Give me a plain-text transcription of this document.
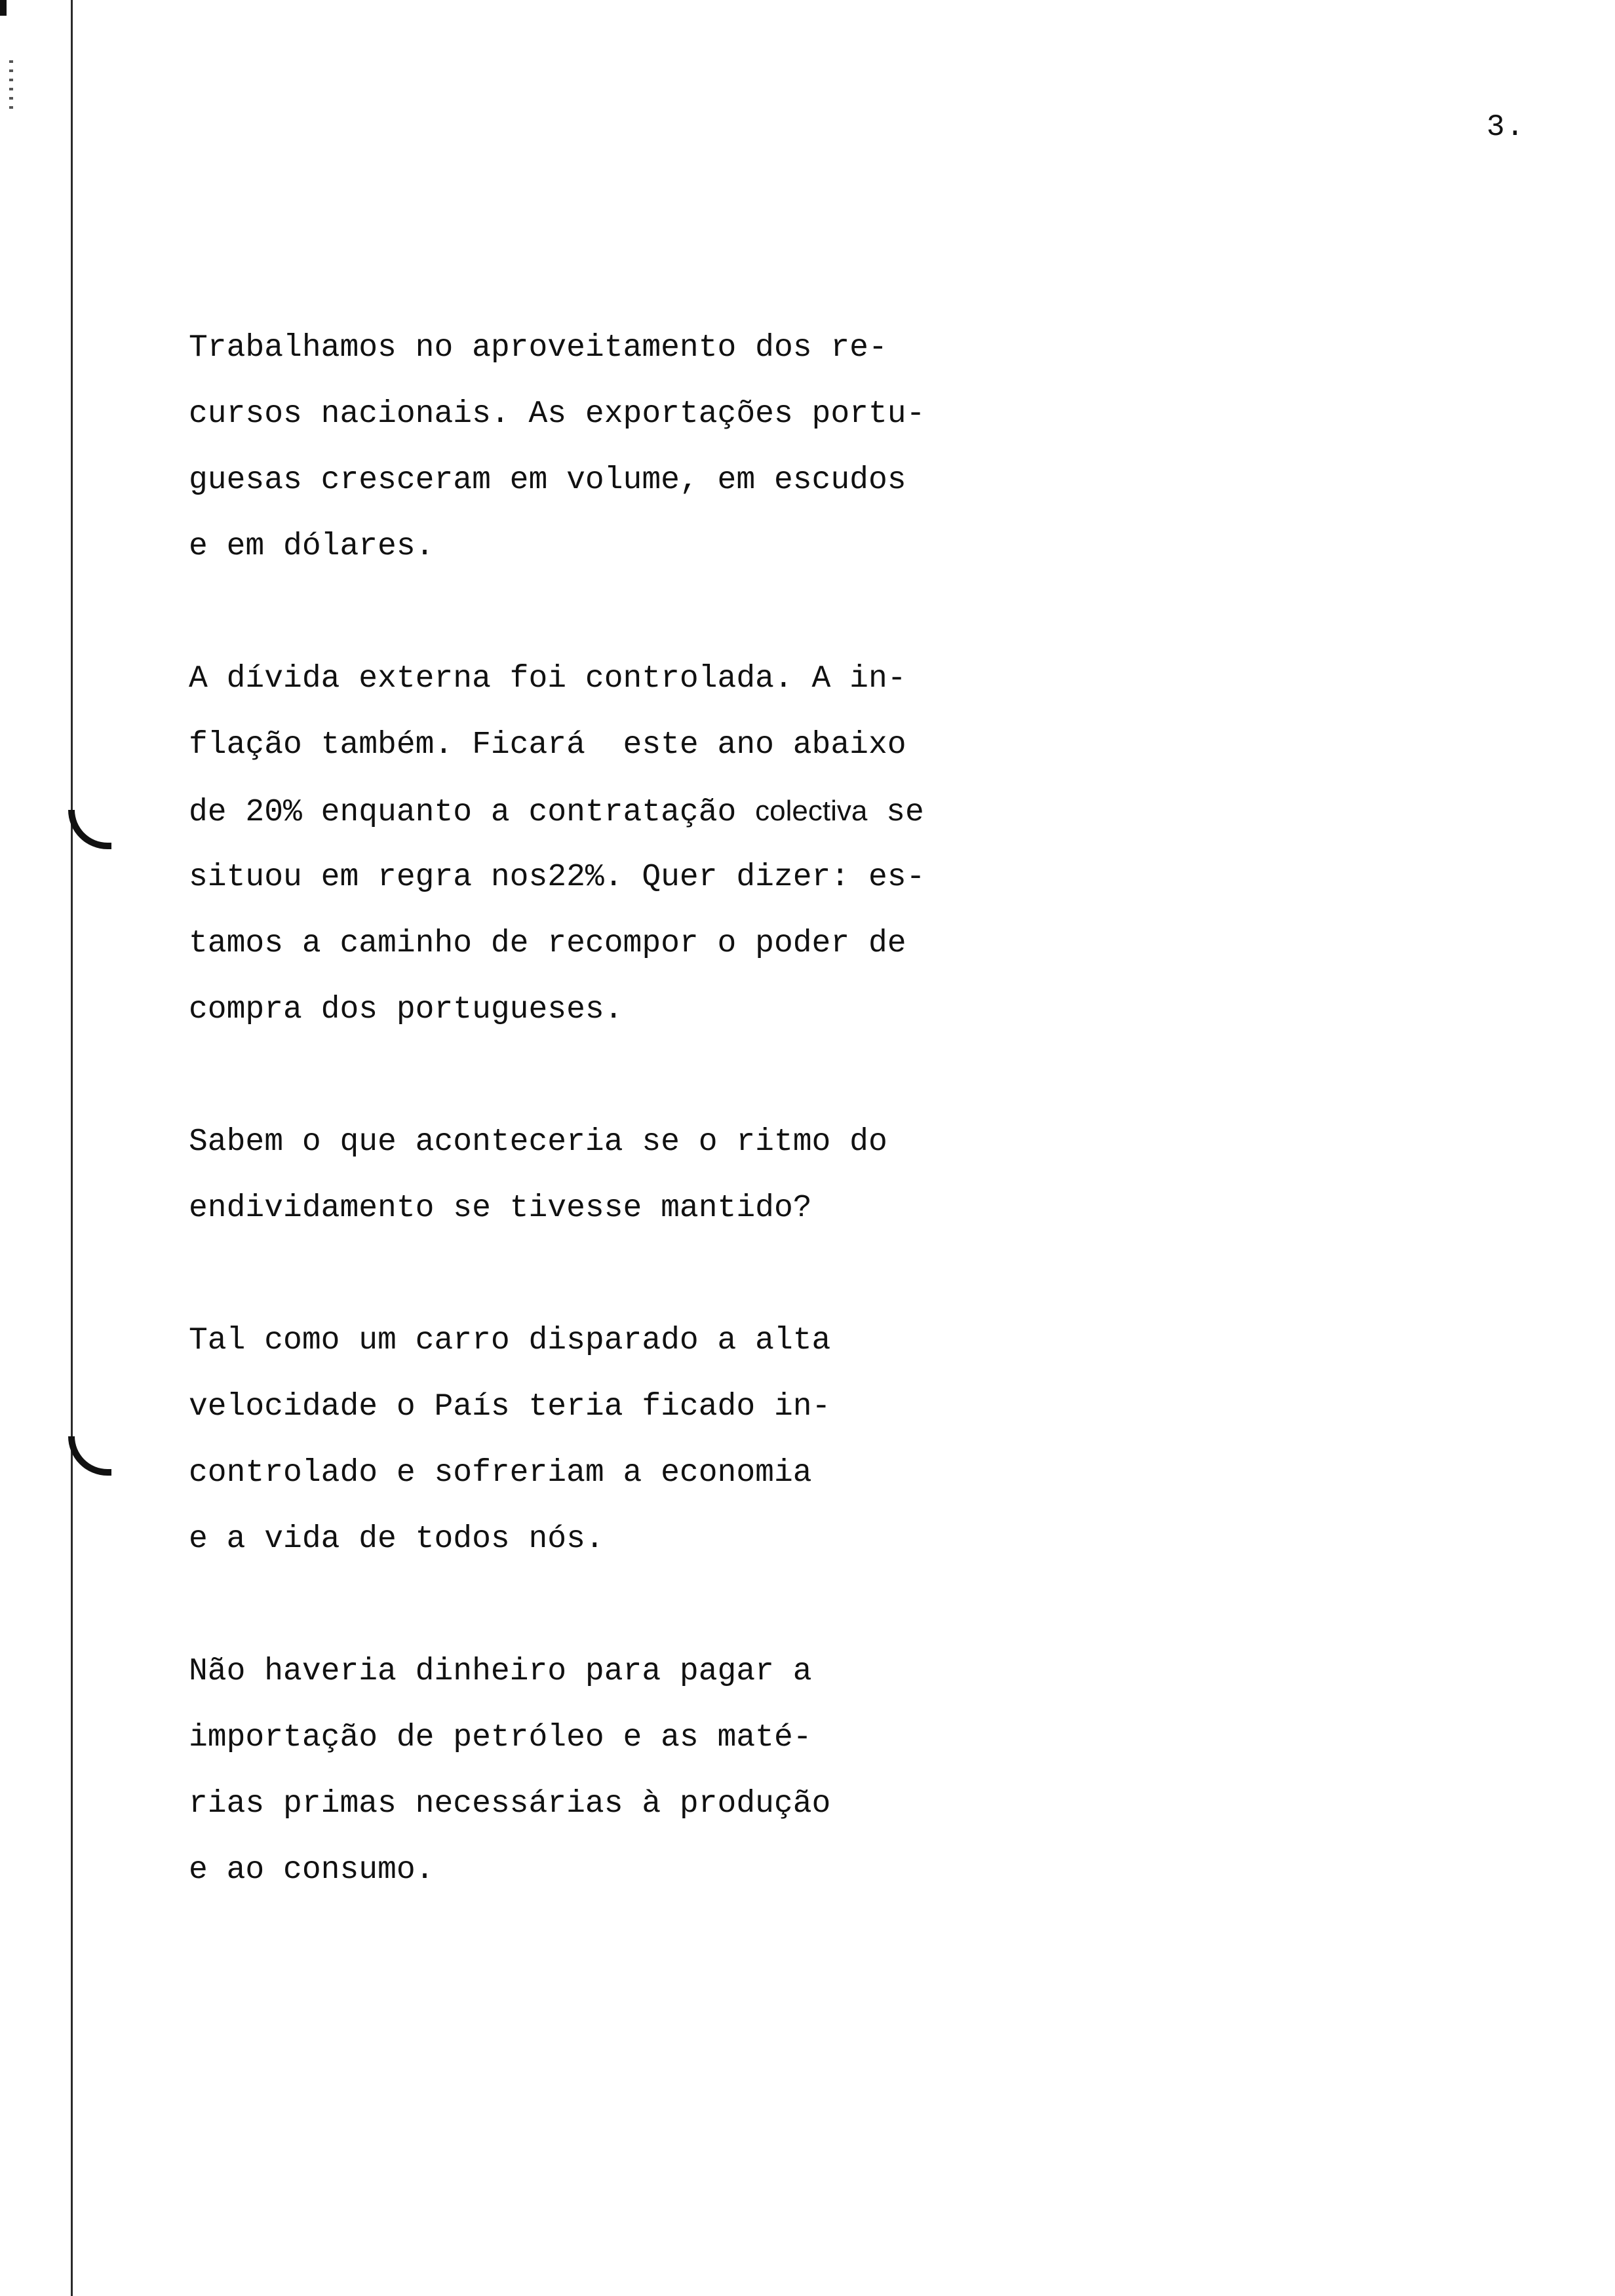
3.
Trabalhamos no aproveitamento dos re-
cursos nacionais. As exportações portu-
guesas cresceram em volume, em escudos
e em dólares.
A dívida externa foi controlada. A in-
flação também. Ficará  este ano abaixo
de 20% enquanto a contratação colectiva se
situou em regra nos22%. Quer dizer: es-
tamos a caminho de recompor o poder de
compra dos portugueses.
Sabem o que aconteceria se o ritmo do
endividamento se tivesse mantido?
Tal como um carro disparado a alta
velocidade o País teria ficado in-
controlado e sofreriam a economia
e a vida de todos nós.
Não haveria dinheiro para pagar a
importação de petróleo e as maté-
rias primas necessárias à produção
e ao consumo.
